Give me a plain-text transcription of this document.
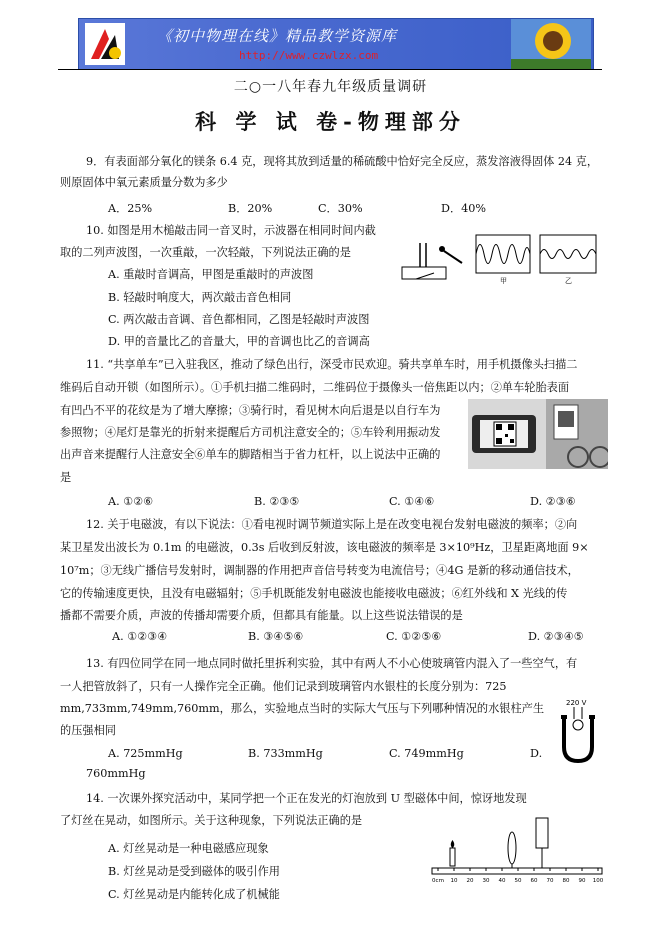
《初中物理在线》精品教学资源库
http://www.czwlzx.com
二○一八年春九年级质量调研
科 学 试 卷-物理部分
9．有表面部分氧化的镁条 6.4 克，现将其放到适量的稀硫酸中恰好完全反应，蒸发溶液得固体 24 克，
则原固体中氧元素质量分数为多少
A．25%	B．20%	C．30%	D．40%
10. 如图是用木槌敲击同一音叉时，示波器在相同时间内截
取的二列声波图，一次重敲，一次轻敲，下列说法正确的是
A. 重敲时音调高，甲图是重敲时的声波图
B. 轻敲时响度大，两次敲击音色相同
C. 两次敲击音调、音色都相同，乙图是轻敲时声波图
D. 甲的音量比乙的音量大，甲的音调也比乙的音调高
甲	乙
11. “共享单车”已入驻我区，推动了绿色出行，深受市民欢迎。骑共享单车时，用手机摄像头扫描二
维码后自动开锁（如图所示）。①手机扫描二维码时，二维码位于摄像头一倍焦距以内；②单车轮胎表面
有凹凸不平的花纹是为了增大摩擦；③骑行时，看见树木向后退是以自行车为
参照物；④尾灯是靠光的折射来提醒后方司机注意安全的；⑤车铃利用振动发
出声音来提醒行人注意安全⑥单车的脚踏相当于省力杠杆，以上说法中正确的
是
A. ①②⑥	B. ②③⑤	C. ①④⑥	D. ②③⑥
12. 关于电磁波，有以下说法：①看电视时调节频道实际上是在改变电视台发射电磁波的频率；②向
某卫星发出波长为 0.1m 的电磁波，0.3s 后收到反射波，该电磁波的频率是 3×10⁹Hz，卫星距离地面 9×
10⁷m；③无线广播信号发射时，调制器的作用把声音信号转变为电流信号；④4G 是新的移动通信技术，
它的传输速度更快，且没有电磁辐射；⑤手机既能发射电磁波也能接收电磁波；⑥红外线和 X 光线的传
播都不需要介质，声波的传播却需要介质，但都具有能量。以上这些说法错误的是
A. ①②③④	B. ③④⑤⑥	C. ①②⑤⑥	D. ②③④⑤
13. 有四位同学在同一地点同时做托里拆利实验，其中有两人不小心使玻璃管内混入了一些空气，有
一人把管放斜了，只有一人操作完全正确。他们记录到玻璃管内水银柱的长度分别为：725
mm,733mm,749mm,760mm，那么，实验地点当时的实际大气压与下列哪种情况的水银柱产生
的压强相同
A. 725mmHg	B. 733mmHg	C. 749mmHg	D.
760mmHg
220 V
14. 一次课外探究活动中，某同学把一个正在发光的灯泡放到 U 型磁体中间，惊讶地发现
了灯丝在晃动，如图所示。关于这种现象，下列说法正确的是
A. 灯丝晃动是一种电磁感应现象
B. 灯丝晃动是受到磁体的吸引作用
C. 灯丝晃动是内能转化成了机械能
0cm 10 20 30 40 50 60 70 80 90 100
